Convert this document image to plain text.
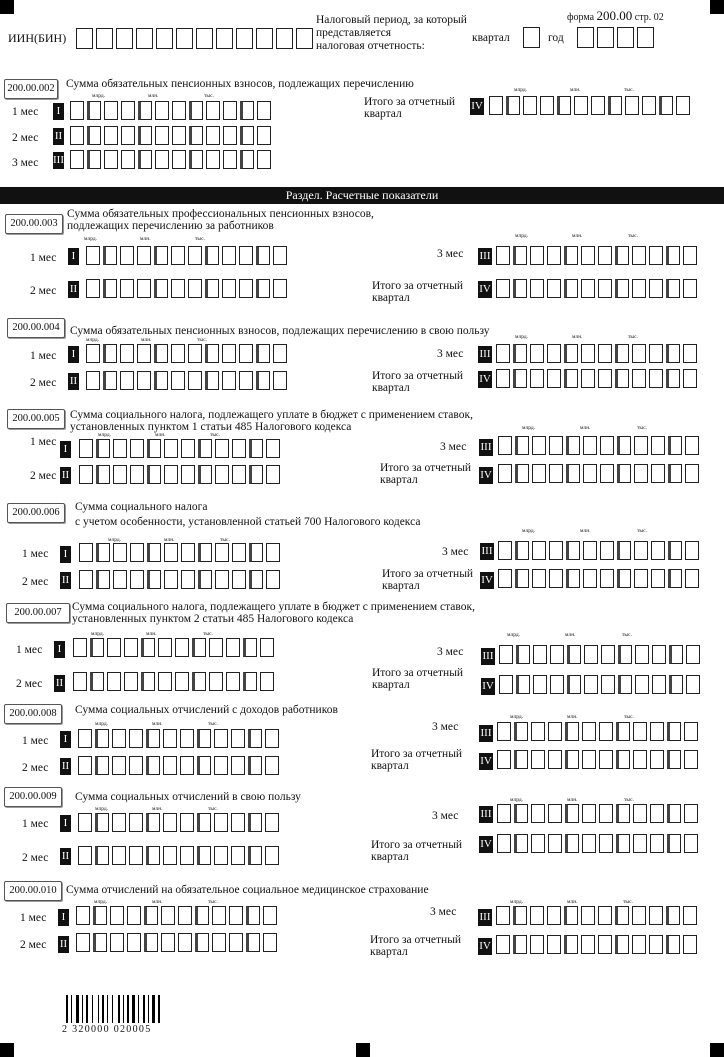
форма 200.00 стр. 02
ИИН(БИН)
Налоговый период, за который
представляется
налоговая отчетность:
квартал	год
200.00.002 Сумма обязательных пенсионных взносов, подлежащих перечислению
млрд.	млн.	тыс.
1 мес	I
2 мес II
3 мес III
Итого за отчетный
квартал
млрд.	млн.	тыс.
IV
Раздел. Расчетные показатели
200.00.003
Сумма обязательных профессиональных пенсионных взносов,
подлежащих перечислению за работников
млрд.	млн.	тыс.
1 мес	I
2 мес II
млрд.	млн.	тыс.
3 мес III
Итого за отчетный
квартал
IV
200.00.004 Сумма обязательных пенсионных взносов, подлежащих перечислению в свою пользу
млрд.	млн.	тыс.
1 мес	I
2 мес II
млрд.	млн.	тыс.
3 мес III
Итого за отчетный
квартал
IV
200.00.005 Сумма социального налога, подлежащего уплате в бюджет с применением ставок,
установленных пунктом 1 статьи 485 Налогового кодекса
млрд.	млн.	тыс.
1 мес
I
2 мес II
млрд.	млн.	тыс.
3 мес III
Итого за отчетный
квартал	IV
200.00.006	Сумма социального налога
с учетом особенности, установленной статьей 700 Налогового кодекса
млрд.	млн.	тыс.
1 мес	I
2 мес II
млрд.	млн.	тыс.
3 мес III
Итого за отчетный
квартал	IV
200.00.007 Сумма социального налога, подлежащего уплате в бюджет с применением ставок,
установленных пунктом 2 статьи 485 Налогового кодекса
млрд.	млн.	тыс.
1 мес	I
2 мес II
млрд.	млн.	тыс.
3 мес III
Итого за отчетный
квартал	IV
200.00.008	Сумма социальных отчислений с доходов работников
млрд.	млн.	тыс.
1 мес	I
2 мес II
млрд.	млн.	тыс.
3 мес III
Итого за отчетный
квартал	IV
200.00.009	Сумма социальных отчислений в свою пользу
млрд.	млн.	тыс.
1 мес	I
2 мес II
млрд.	млн.	тыс.
3 мес III
Итого за отчетный
квартал
IV
200.00.010 Сумма отчислений на обязательное социальное медицинское страхование
млрд.	млн.	тыс.
1 мес	I
2 мес II
млрд.	млн.	тыс.
3 мес III
Итого за отчетный
квартал	IV
2 320000 020005
